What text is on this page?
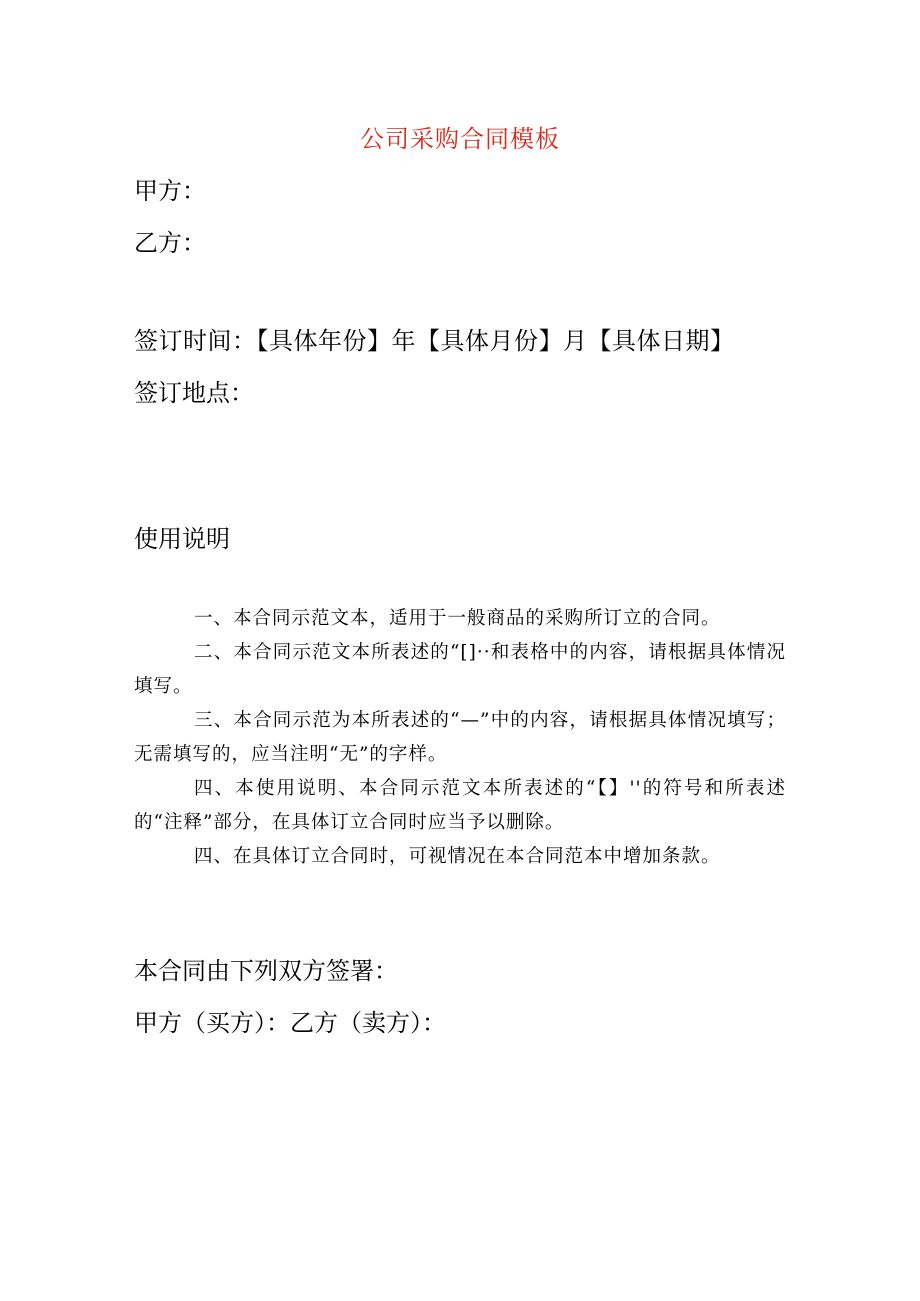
公司采购合同模板
甲方：
乙方：
签订时间：【具体年份】年【具体月份】月【具体日期】
签订地点：
使用说明

一、本合同示范文本，适用于一般商品的采购所订立的合同。

二、本合同示范文本所表述的“[]··和表格中的内容，请根据具体情况填写。

三、本合同示范为本所表述的“—”中的内容，请根据具体情况填写；无需填写的，应当注明“无”的字样。

四、本使用说明、本合同示范文本所表述的“【】''的符号和所表述的“注释”部分，在具体订立合同时应当予以删除。

四、在具体订立合同时，可视情况在本合同范本中增加条款。

本合同由下列双方签署：
甲方（买方）：乙方（卖方）：
